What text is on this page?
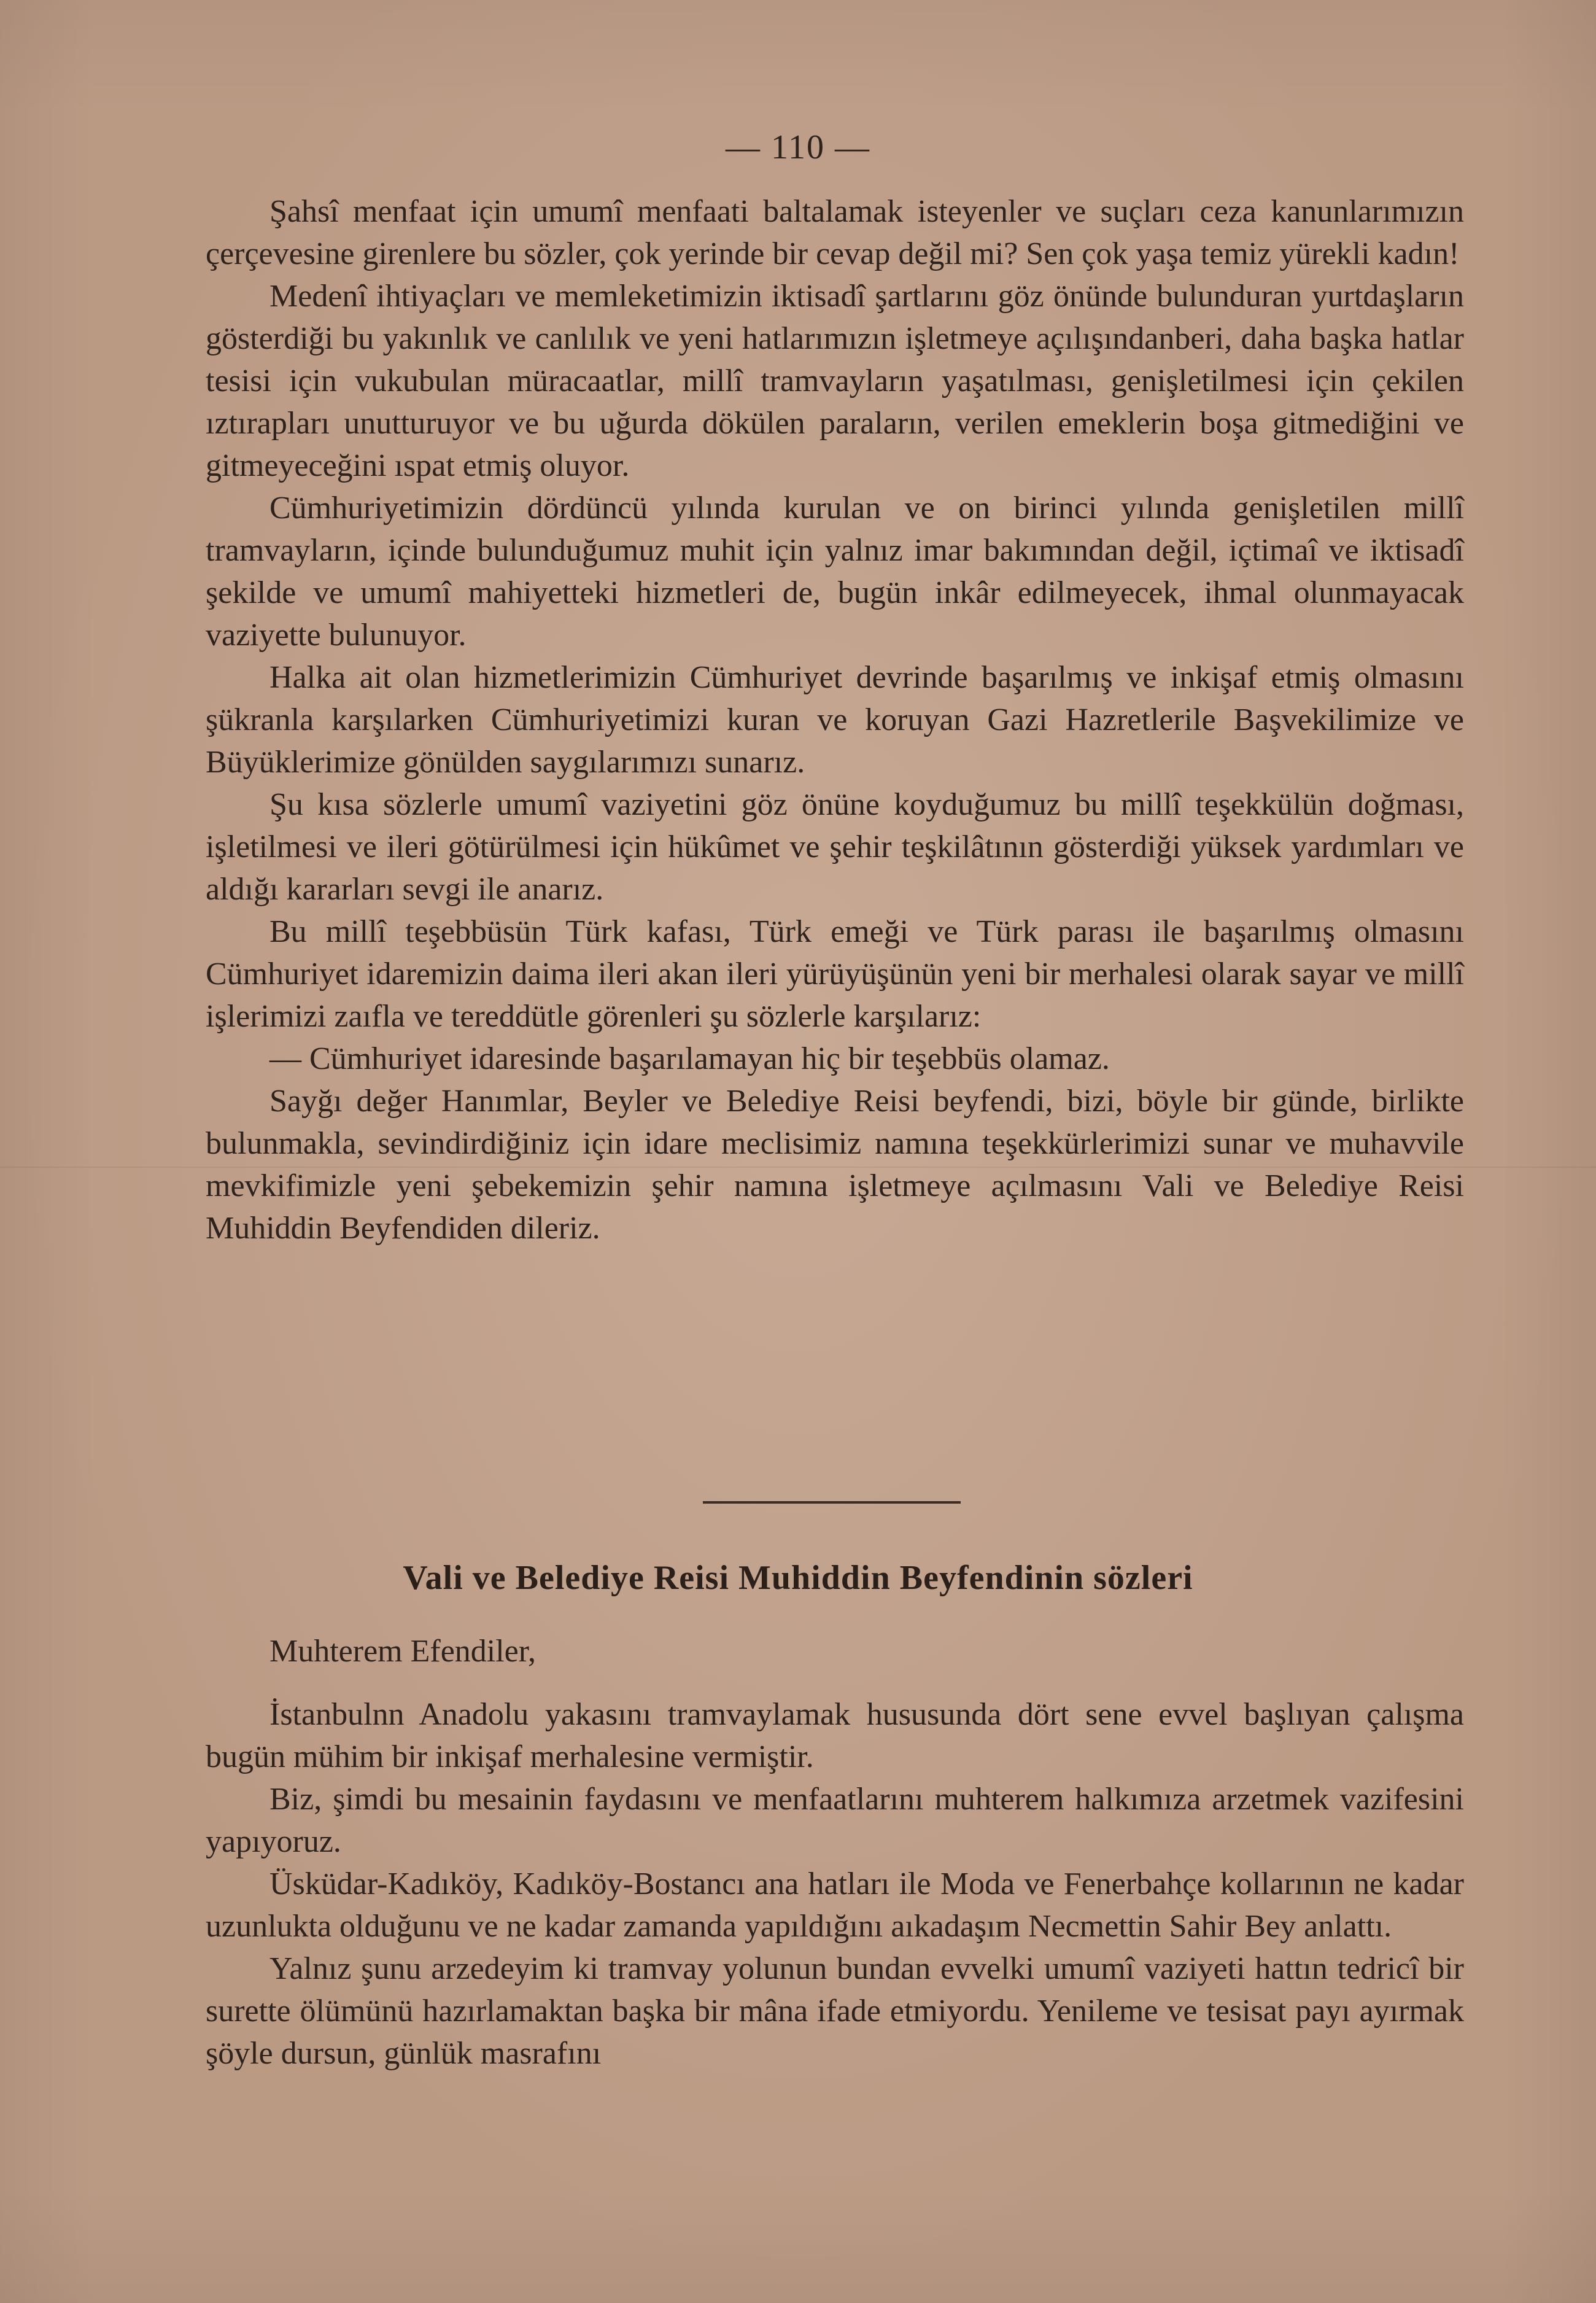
— 110 —

Şahsî menfaat için umumî menfaati baltalamak isteyenler ve suçları ceza kanunlarımızın çerçevesine girenlere bu sözler, çok yerinde bir cevap değil mi? Sen çok yaşa temiz yürekli kadın!

Medenî ihtiyaçları ve memleketimizin iktisadî şartlarını göz önünde bulunduran yurtdaşların gösterdiği bu yakınlık ve canlılık ve yeni hatlarımızın işletmeye açılışındanberi, daha başka hatlar tesisi için vukubulan müracaatlar, millî tramvayların yaşatılması, genişletilmesi için çekilen ıztırapları unutturuyor ve bu uğurda dökülen paraların, verilen emeklerin boşa gitmediğini ve gitmeyeceğini ıspat etmiş oluyor.

Cümhuriyetimizin dördüncü yılında kurulan ve on birinci yılında genişletilen millî tramvayların, içinde bulunduğumuz muhit için yalnız imar bakımından değil, içtimaî ve iktisadî şekilde ve umumî mahiyetteki hizmetleri de, bugün inkâr edilmeyecek, ihmal olunmayacak vaziyette bulunuyor.

Halka ait olan hizmetlerimizin Cümhuriyet devrinde başarılmış ve inkişaf etmiş olmasını şükranla karşılarken Cümhuriyetimizi kuran ve koruyan Gazi Hazretlerile Başvekilimize ve Büyüklerimize gönülden saygılarımızı sunarız.

Şu kısa sözlerle umumî vaziyetini göz önüne koyduğumuz bu millî teşekkülün doğması, işletilmesi ve ileri götürülmesi için hükûmet ve şehir teşkilâtının gösterdiği yüksek yardımları ve aldığı kararları sevgi ile anarız.

Bu millî teşebbüsün Türk kafası, Türk emeği ve Türk parası ile başarılmış olmasını Cümhuriyet idaremizin daima ileri akan ileri yürüyüşünün yeni bir merhalesi olarak sayar ve millî işlerimizi zaıfla ve tereddütle görenleri şu sözlerle karşılarız:

— Cümhuriyet idaresinde başarılamayan hiç bir teşebbüs olamaz.

Sayğı değer Hanımlar, Beyler ve Belediye Reisi beyfendi, bizi, böyle bir günde, birlikte bulunmakla, sevindirdiğiniz için idare meclisimiz namına teşekkürlerimizi sunar ve muhavvile mevkifimizle yeni şebekemizin şehir namına işletmeye açılmasını Vali ve Belediye Reisi Muhiddin Beyfendiden dileriz.

Vali ve Belediye Reisi Muhiddin Beyfendinin sözleri

Muhterem Efendiler,

İstanbulnn Anadolu yakasını tramvaylamak hususunda dört sene evvel başlıyan çalışma bugün mühim bir inkişaf merhalesine vermiştir.

Biz, şimdi bu mesainin faydasını ve menfaatlarını muhterem halkımıza arzetmek vazifesini yapıyoruz.

Üsküdar-Kadıköy, Kadıköy-Bostancı ana hatları ile Moda ve Fenerbahçe kollarının ne kadar uzunlukta olduğunu ve ne kadar zamanda yapıldığını aıkadaşım Necmettin Sahir Bey anlattı.

Yalnız şunu arzedeyim ki tramvay yolunun bundan evvelki umumî vaziyeti hattın tedricî bir surette ölümünü hazırlamaktan başka bir mâna ifade etmiyordu. Yenileme ve tesisat payı ayırmak şöyle dursun, günlük masrafını
